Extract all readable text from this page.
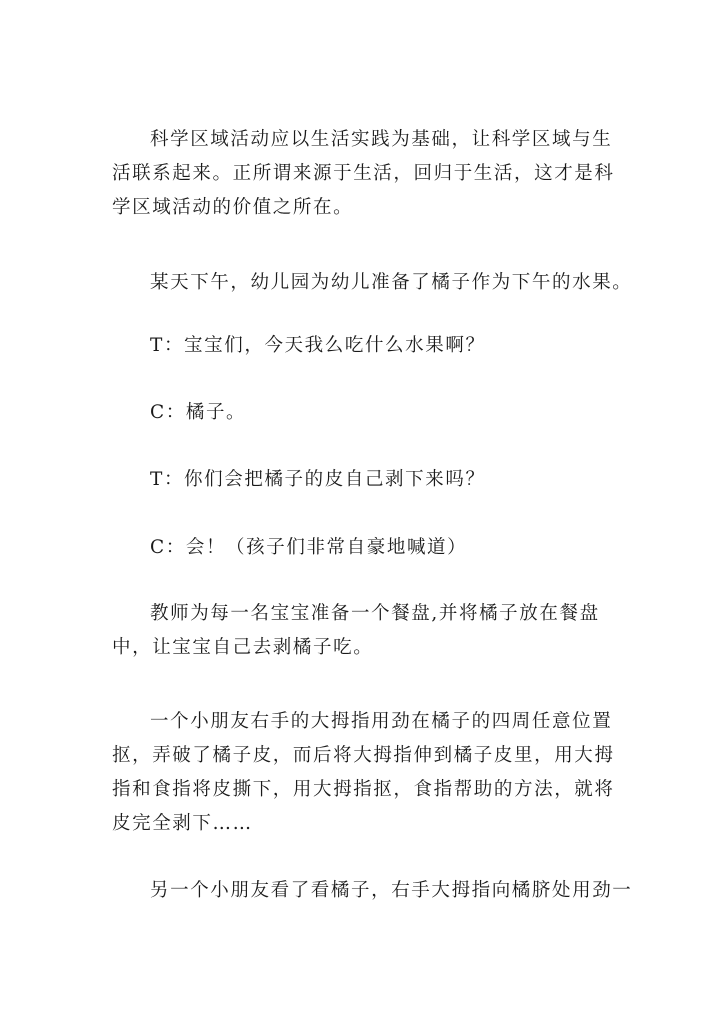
科学区域活动应以生活实践为基础，让科学区域与生活联系起来。正所谓来源于生活，回归于生活，这才是科学区域活动的价值之所在。

某天下午，幼儿园为幼儿准备了橘子作为下午的水果。

T：宝宝们，今天我么吃什么水果啊？

C：橘子。

T：你们会把橘子的皮自己剥下来吗？

C：会！（孩子们非常自豪地喊道）

教师为每一名宝宝准备一个餐盘,并将橘子放在餐盘中，让宝宝自己去剥橘子吃。

一个小朋友右手的大拇指用劲在橘子的四周任意位置抠，弄破了橘子皮，而后将大拇指伸到橘子皮里，用大拇指和食指将皮撕下，用大拇指抠，食指帮助的方法，就将皮完全剥下……

另一个小朋友看了看橘子，右手大拇指向橘脐处用劲一
